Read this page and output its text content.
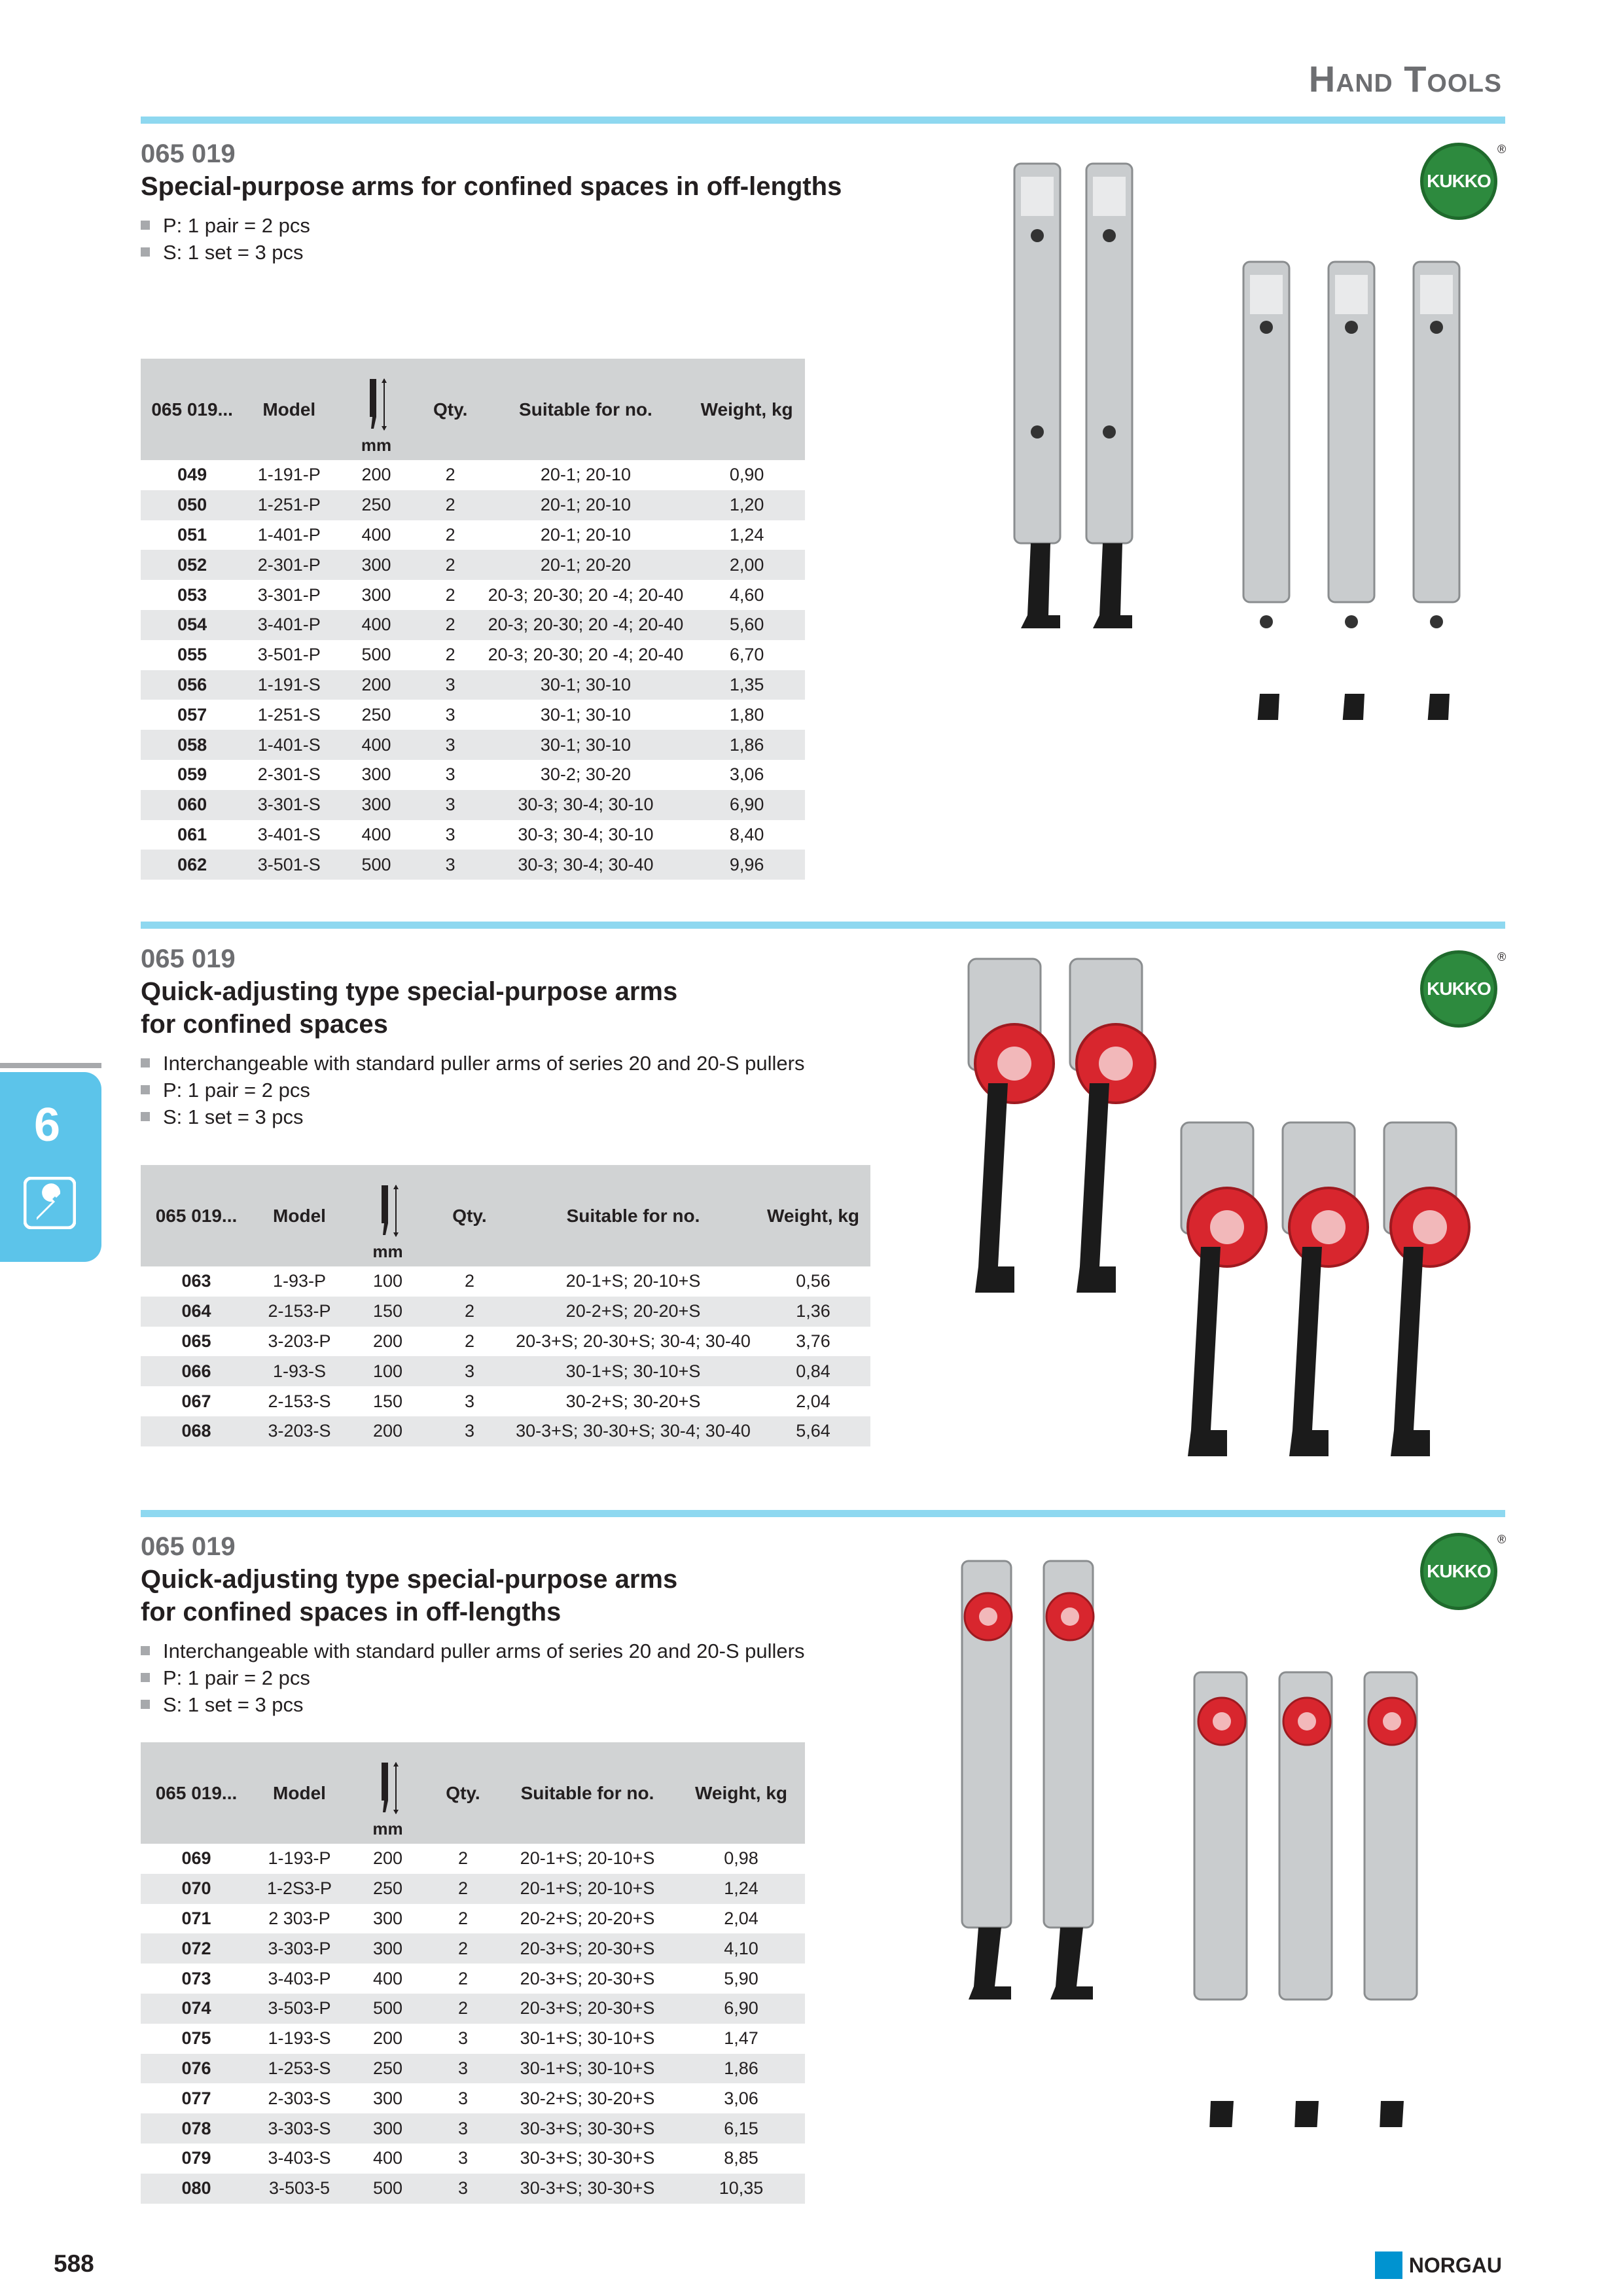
Hand Tools

065 019

Special-purpose arms for confined spaces in off-lengths

P: 1 pair = 2 pcs
S: 1 set = 3 pcs
065 019...	Model	mm	Qty.	Suitable for no.	Weight, kg
049	1-191-P	200	2	20-1; 20-10	0,90
050	1-251-P	250	2	20-1; 20-10	1,20
051	1-401-P	400	2	20-1; 20-10	1,24
052	2-301-P	300	2	20-1; 20-20	2,00
053	3-301-P	300	2	20-3; 20-30; 20 -4; 20-40	4,60
054	3-401-P	400	2	20-3; 20-30; 20 -4; 20-40	5,60
055	3-501-P	500	2	20-3; 20-30; 20 -4; 20-40	6,70
056	1-191-S	200	3	30-1; 30-10	1,35
057	1-251-S	250	3	30-1; 30-10	1,80
058	1-401-S	400	3	30-1; 30-10	1,86
059	2-301-S	300	3	30-2; 30-20	3,06
060	3-301-S	300	3	30-3; 30-4; 30-10	6,90
061	3-401-S	400	3	30-3; 30-4; 30-10	8,40
062	3-501-S	500	3	30-3; 30-4; 30-40	9,96
KUKKO
®

065 019

Quick-adjusting type special-purpose arms

for confined spaces

Interchangeable with standard puller arms of series 20 and 20-S pullers
P: 1 pair = 2 pcs
S: 1 set = 3 pcs
065 019...	Model	mm	Qty.	Suitable for no.	Weight, kg
063	1-93-P	100	2	20-1+S; 20-10+S	0,56
064	2-153-P	150	2	20-2+S; 20-20+S	1,36
065	3-203-P	200	2	20-3+S; 20-30+S; 30-4; 30-40	3,76
066	1-93-S	100	3	30-1+S; 30-10+S	0,84
067	2-153-S	150	3	30-2+S; 30-20+S	2,04
068	3-203-S	200	3	30-3+S; 30-30+S; 30-4; 30-40	5,64
KUKKO
®

065 019

Quick-adjusting type special-purpose arms

for confined spaces in off-lengths

Interchangeable with standard puller arms of series 20 and 20-S pullers
P: 1 pair = 2 pcs
S: 1 set = 3 pcs
065 019...	Model	mm	Qty.	Suitable for no.	Weight, kg
069	1-193-P	200	2	20-1+S; 20-10+S	0,98
070	1-2S3-P	250	2	20-1+S; 20-10+S	1,24
071	2 303-P	300	2	20-2+S; 20-20+S	2,04
072	3-303-P	300	2	20-3+S; 20-30+S	4,10
073	3-403-P	400	2	20-3+S; 20-30+S	5,90
074	3-503-P	500	2	20-3+S; 20-30+S	6,90
075	1-193-S	200	3	30-1+S; 30-10+S	1,47
076	1-253-S	250	3	30-1+S; 30-10+S	1,86
077	2-303-S	300	3	30-2+S; 30-20+S	3,06
078	3-303-S	300	3	30-3+S; 30-30+S	6,15
079	3-403-S	400	3	30-3+S; 30-30+S	8,85
080	3-503-5	500	3	30-3+S; 30-30+S	10,35
KUKKO
®
6
588	NORGAU
